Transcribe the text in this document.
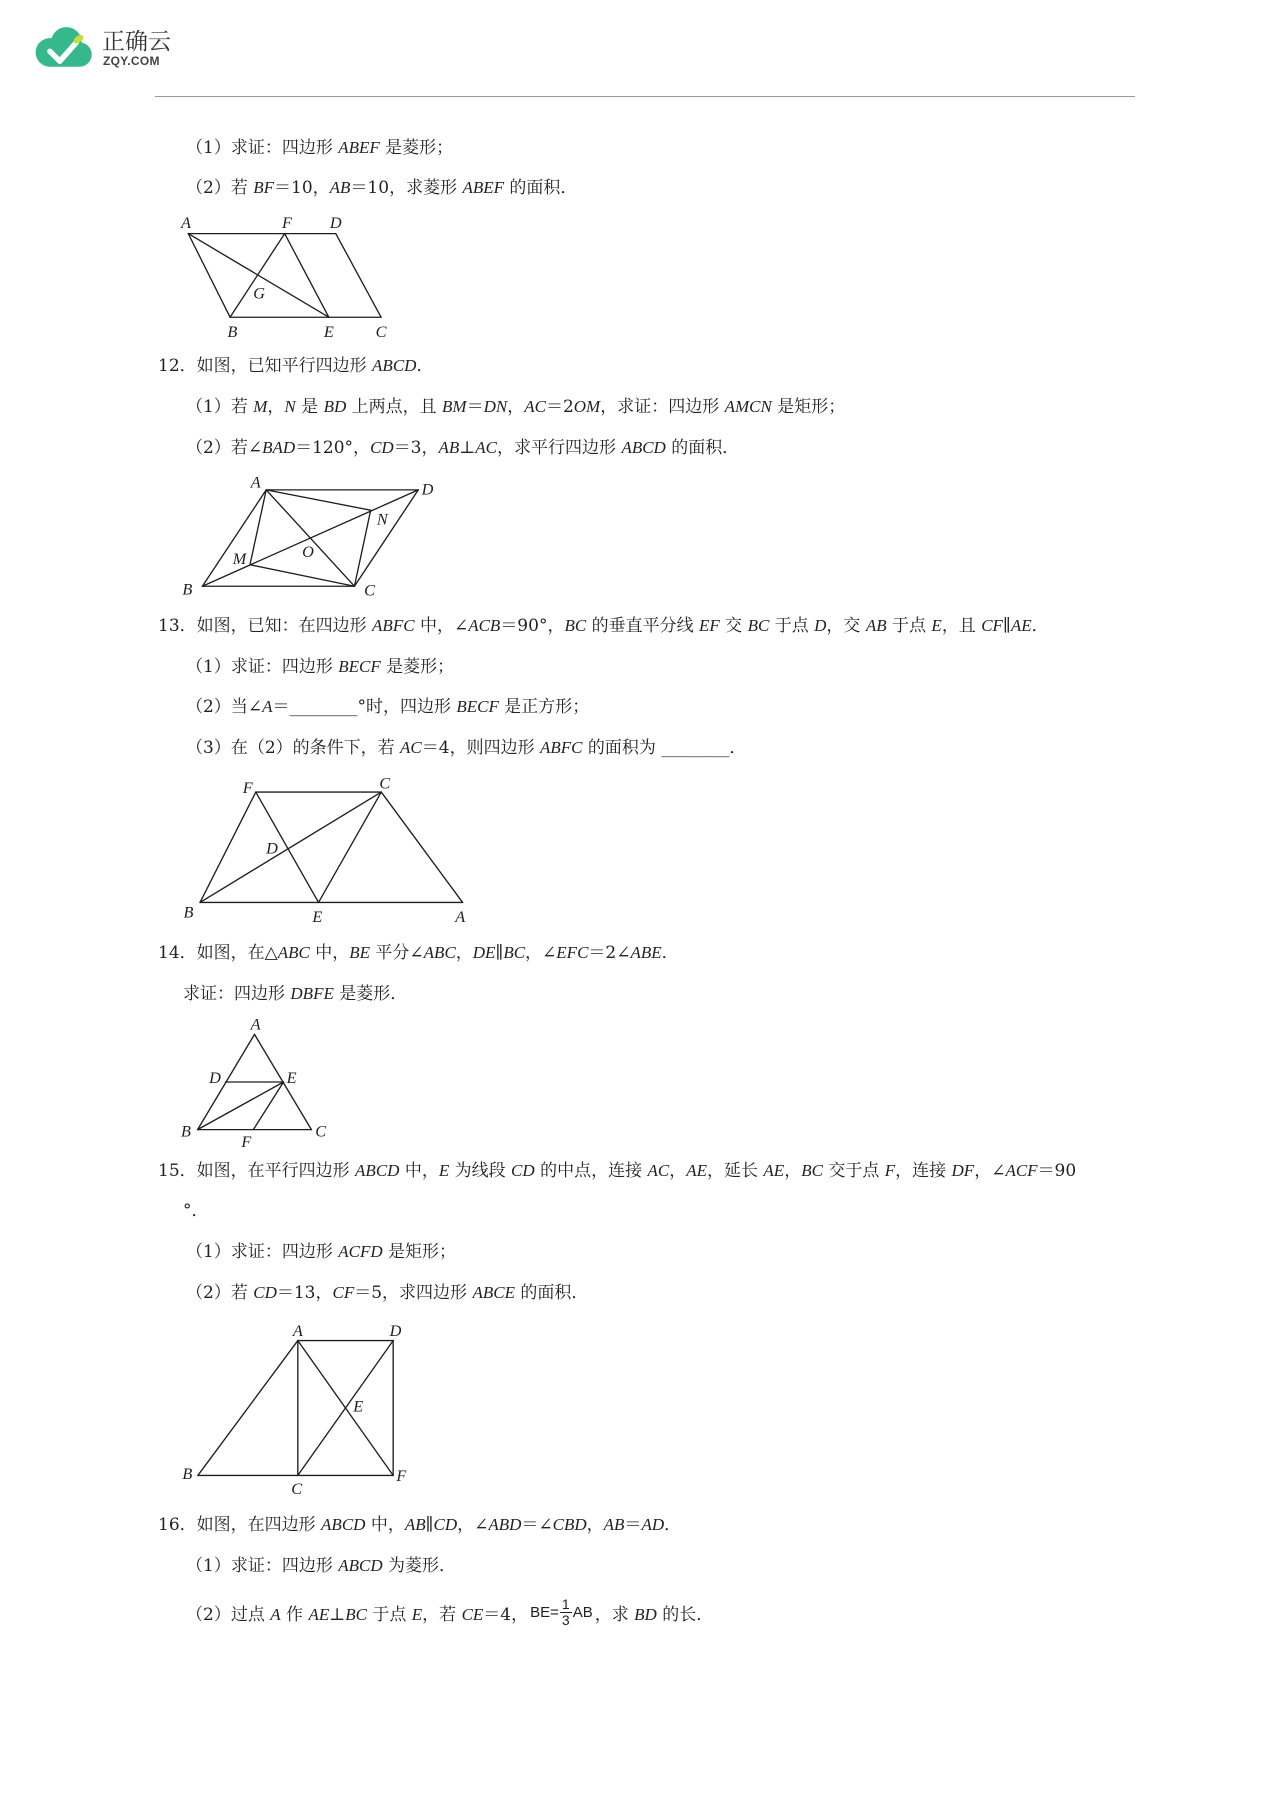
正确云
ZQY.COM
（1）求证：四边形 ABEF 是菱形；
（2）若 BF＝10，AB＝10，求菱形 ABEF 的面积．
A	F	D
G
B	E	C
12．如图，已知平行四边形 ABCD．
（1）若 M，N 是 BD 上两点，且 BM＝DN，AC＝2OM，求证：四边形 AMCN 是矩形；
（2）若∠BAD＝120°，CD＝3，AB⊥AC，求平行四边形 ABCD 的面积．
A	D
N
M	O
B	C
13．如图，已知：在四边形 ABFC 中，∠ACB＝90°，BC 的垂直平分线 EF 交 BC 于点 D，交 AB 于点 E，且 CF∥AE．
（1）求证：四边形 BECF 是菱形；
（2）当∠A＝________°时，四边形 BECF 是正方形；
（3）在（2）的条件下，若 AC＝4，则四边形 ABFC 的面积为 ________．
F	C
D
B	E	A
14．如图，在△ABC 中，BE 平分∠ABC，DE∥BC，∠EFC＝2∠ABE．
求证：四边形 DBFE 是菱形．
A
D	E
B
F
C
15．如图，在平行四边形 ABCD 中，E 为线段 CD 的中点，连接 AC，AE，延长 AE，BC 交于点 F，连接 DF，∠ACF＝90
°．
（1）求证：四边形 ACFD 是矩形；
（2）若 CD＝13，CF＝5，求四边形 ABCE 的面积．
A	D
E
B
C
F
16．如图，在四边形 ABCD 中，AB∥CD，∠ABD＝∠CBD，AB＝AD．
（1）求证：四边形 ABCD 为菱形．
（2）过点 A 作 AE⊥BC 于点 E，若 CE＝4， $BE= \frac{1}{3}$ AB ，求 BD 的长．
